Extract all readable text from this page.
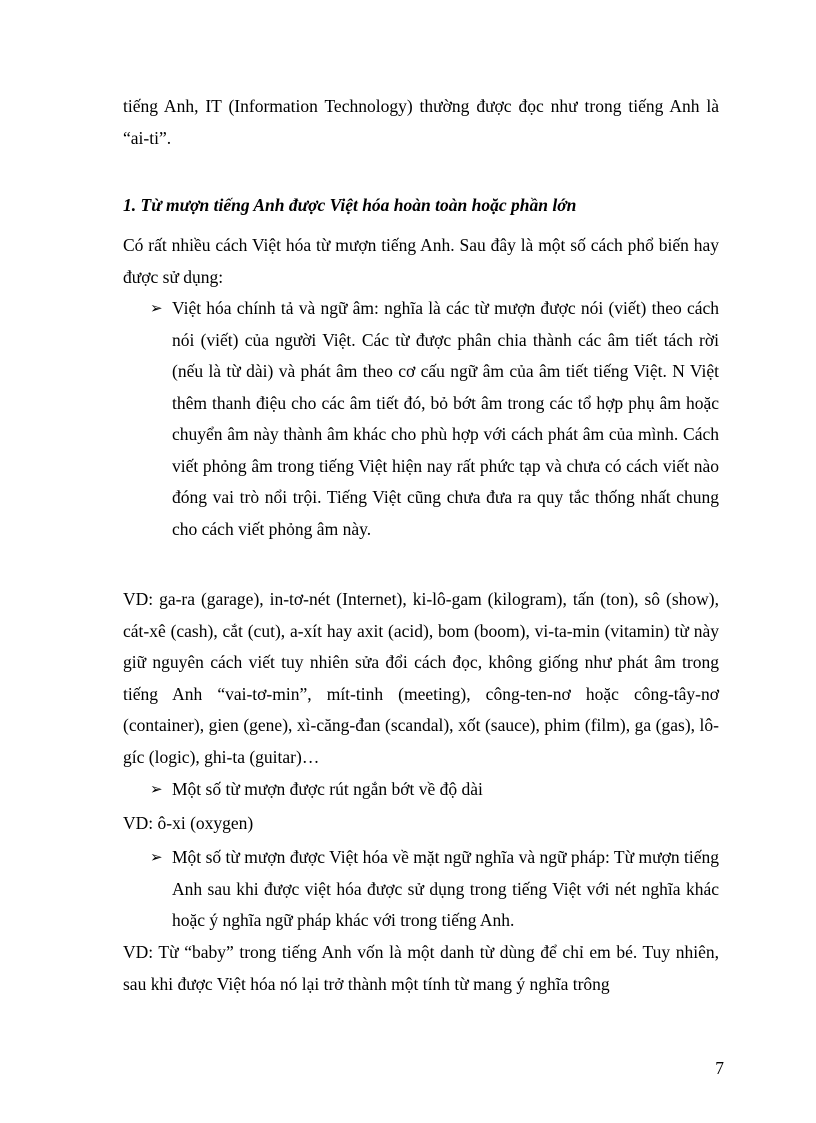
tiếng Anh, IT (Information Technology) thường được đọc như trong tiếng Anh là “ai-ti”.

1. Từ mượn tiếng Anh được Việt hóa hoàn toàn hoặc phần lớn

Có rất nhiều cách Việt hóa từ mượn tiếng Anh. Sau đây là một số cách phổ biến hay được sử dụng:

➢ Việt hóa chính tả và ngữ âm: nghĩa là các từ mượn được nói (viết) theo cách nói (viết) của người Việt. Các từ được phân chia thành các âm tiết tách rời (nếu là từ dài) và phát âm theo cơ cấu ngữ âm của âm tiết tiếng Việt. N Việt thêm thanh điệu cho các âm tiết đó, bỏ bớt âm trong các tổ hợp phụ âm hoặc chuyển âm này thành âm khác cho phù hợp với cách phát âm của mình. Cách viết phỏng âm trong tiếng Việt hiện nay rất phức tạp và chưa có cách viết nào đóng vai trò nổi trội. Tiếng Việt cũng chưa đưa ra quy tắc thống nhất chung cho cách viết phỏng âm này.

VD: ga-ra (garage), in-tơ-nét (Internet), ki-lô-gam (kilogram), tấn (ton), sô (show), cát-xê (cash), cắt (cut), a-xít hay axit (acid), bom (boom), vi-ta-min (vitamin) từ này giữ nguyên cách viết tuy nhiên sửa đổi cách đọc, không giống như phát âm trong tiếng Anh “vai-tơ-min”, mít-tinh (meeting), công-ten-nơ hoặc công-tây-nơ (container), gien (gene), xì-căng-đan (scandal), xốt (sauce), phim (film), ga (gas), lô-gíc (logic), ghi-ta (guitar)…

➢ Một số từ mượn được rút ngắn bớt về độ dài

VD: ô-xi (oxygen)

➢ Một số từ mượn được Việt hóa về mặt ngữ nghĩa và ngữ pháp: Từ mượn tiếng Anh sau khi được việt hóa được sử dụng trong tiếng Việt với nét nghĩa khác hoặc ý nghĩa ngữ pháp khác với trong tiếng Anh.

VD: Từ “baby” trong tiếng Anh vốn là một danh từ dùng để chỉ em bé. Tuy nhiên, sau khi được Việt hóa nó lại trở thành một tính từ mang ý nghĩa trông

7
